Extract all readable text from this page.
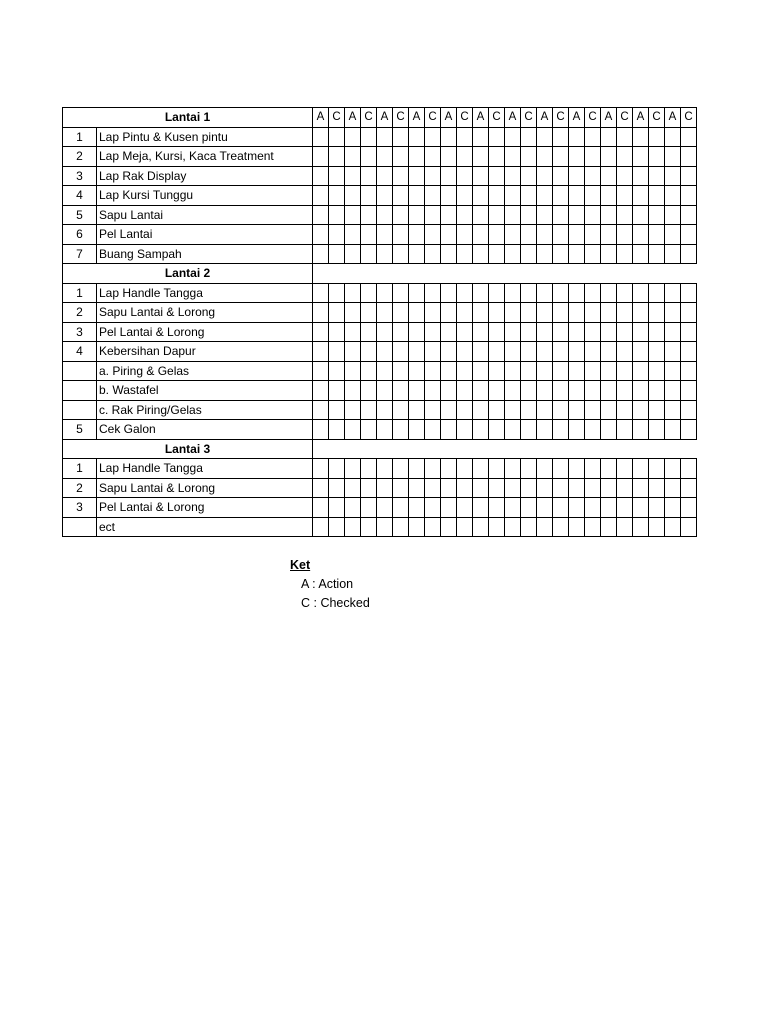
Lantai 1		A	C	A	C	A	C	A	C	A	C	A	C	A	C	A	C	A	C	A	C	A	C	A	C
1	Lap Pintu & Kusen pintu																								
2	Lap Meja, Kursi, Kaca Treatment																								
3	Lap Rak Display																								
4	Lap Kursi Tunggu																								
5	Sapu Lantai																								
6	Pel Lantai																								
7	Buang Sampah																								
Lantai 2																									
1	Lap Handle Tangga																								
2	Sapu Lantai & Lorong																								
3	Pel Lantai & Lorong																								
4	Kebersihan Dapur																								
	a. Piring & Gelas																								
	b. Wastafel																								
	c. Rak Piring/Gelas																								
5	Cek Galon																								
Lantai 3																									
1	Lap Handle Tangga																								
2	Sapu Lantai & Lorong																								
3	Pel Lantai & Lorong																								
	ect																								
Ket
A : Action
C : Checked
